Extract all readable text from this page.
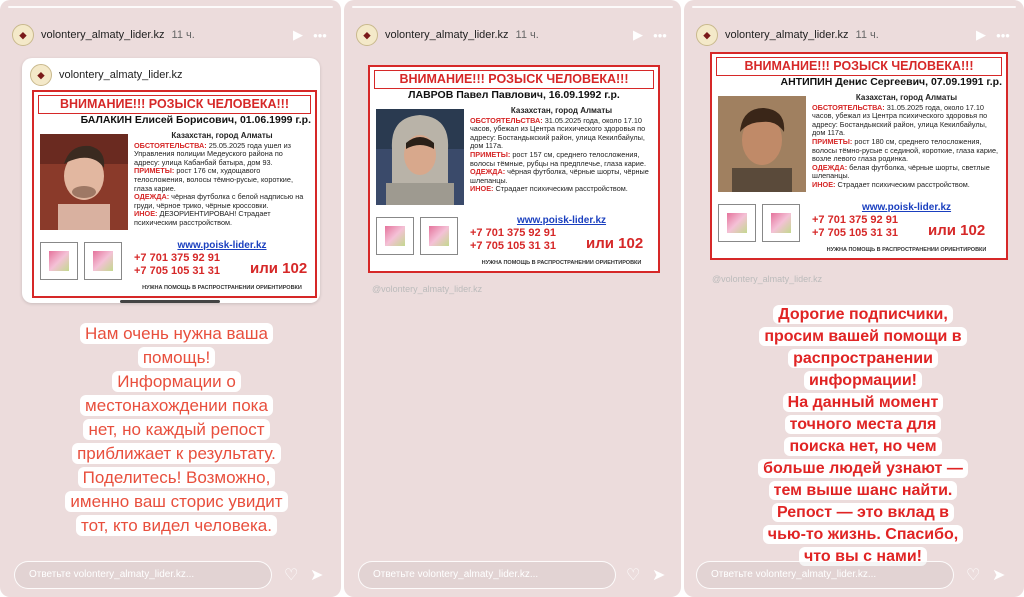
◆	volontery_almaty_lider.kz 11 ч.	▶ •••
◆	volontery_almaty_lider.kz
ВНИМАНИЕ!!! РОЗЫСК ЧЕЛОВЕКА!!!
БАЛАКИН Елисей Борисович, 01.06.1999 г.р.
Казахстан, город Алматы
ОБСТОЯТЕЛЬСТВА: 25.05.2025 года ушел из Управления полиции Медеуского района по адресу: улица Кабанбай батыра, дом 93.
ПРИМЕТЫ: рост 176 см, худощавого телосложения, волосы тёмно-русые, короткие, глаза карие.
ОДЕЖДА: чёрная футболка с белой надписью на груди, чёрное трико, чёрные кроссовки.
ИНОЕ: ДЕЗОРИЕНТИРОВАН! Страдает психическим расстройством.
www.poisk-lider.kz
+7 701 375 92 91
+7 705 105 31 31 или 102
НУЖНА ПОМОЩЬ В РАСПРОСТРАНЕНИИ ОРИЕНТИРОВКИ
Нам очень нужна ваша
помощь!
Информации о
местонахождении пока
нет, но каждый репост
приближает к результату.
Поделитесь! Возможно,
именно ваш сторис увидит
тот, кто видел человека.
Ответьте volontery_almaty_lider.kz...	♡ ➤
◆	volontery_almaty_lider.kz 11 ч.	▶ •••
@volontery_almaty_lider.kz

Ответьте volontery_almaty_lider.kz...	♡ ➤
ВНИМАНИЕ!!! РОЗЫСК ЧЕЛОВЕКА!!!
ЛАВРОВ Павел Павлович, 16.09.1992 г.р.
Казахстан, город Алматы
ОБСТОЯТЕЛЬСТВА: 31.05.2025 года, около 17.10 часов, убежал из Центра психического здоровья по адресу: Бостандыкский район, улица Кекилбайулы, дом 117а.
ПРИМЕТЫ: рост 157 см, среднего телосложения, волосы тёмные, рубцы на предплечье, глаза карие.
ОДЕЖДА: чёрная футболка, чёрные шорты, чёрные шлепанцы.
ИНОЕ: Страдает психическим расстройством.
www.poisk-lider.kz
+7 701 375 92 91
+7 705 105 31 31 или 102
НУЖНА ПОМОЩЬ В РАСПРОСТРАНЕНИИ ОРИЕНТИРОВКИ
◆	volontery_almaty_lider.kz 11 ч.	▶ •••
@volontery_almaty_lider.kz
Дорогие подписчики,
просим вашей помощи в
распространении
информации!
На данный момент
точного места для
поиска нет, но чем
больше людей узнают —
тем выше шанс найти.
Репост — это вклад в
чью-то жизнь. Спасибо,
что вы с нами!
Ответьте volontery_almaty_lider.kz...	♡ ➤
ВНИМАНИЕ!!! РОЗЫСК ЧЕЛОВЕКА!!!
АНТИПИН Денис Сергеевич, 07.09.1991 г.р.
Казахстан, город Алматы
ОБСТОЯТЕЛЬСТВА: 31.05.2025 года, около 17.10 часов, убежал из Центра психического здоровья по адресу: Бостандыкский район, улица Кекилбайулы, дом 117а.
ПРИМЕТЫ: рост 180 см, среднего телосложения, волосы тёмно-русые с сединой, короткие, глаза карие, возле левого глаза родинка.
ОДЕЖДА: белая футболка, чёрные шорты, светлые шлепанцы.
ИНОЕ: Страдает психическим расстройством.
www.poisk-lider.kz
+7 701 375 92 91
+7 705 105 31 31 или 102
НУЖНА ПОМОЩЬ В РАСПРОСТРАНЕНИИ ОРИЕНТИРОВКИ
